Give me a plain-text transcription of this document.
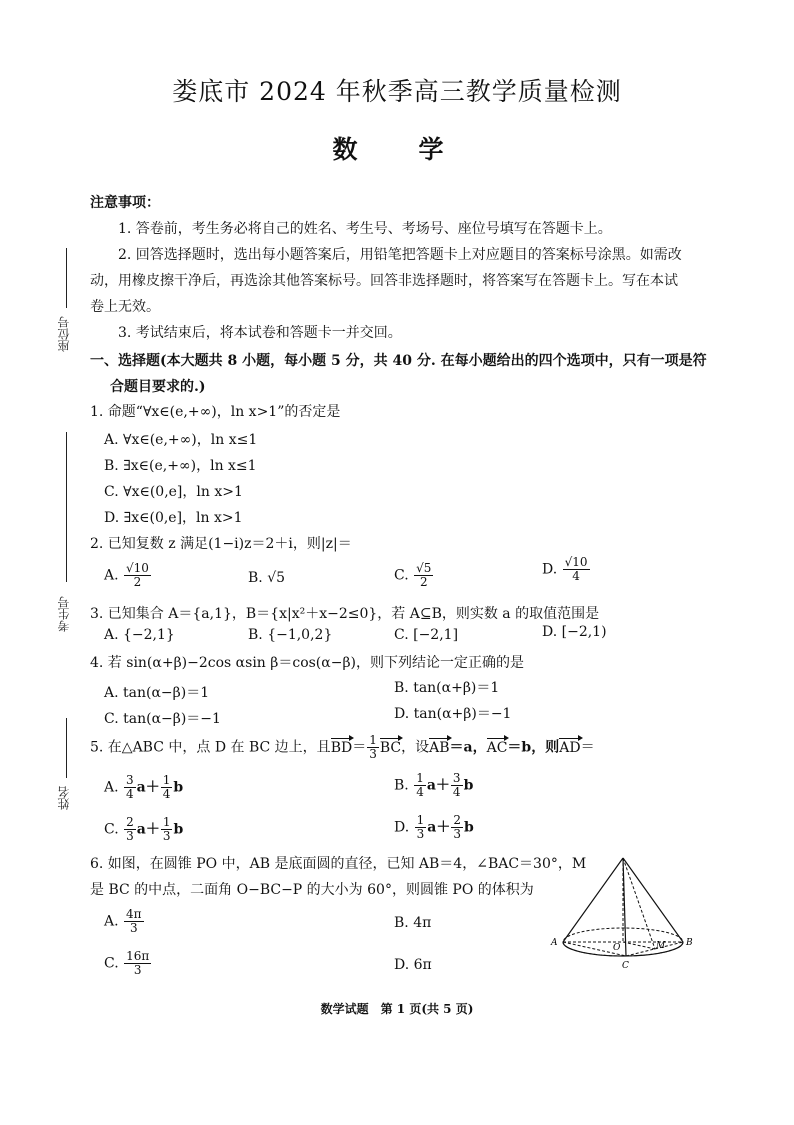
娄底市 2024 年秋季高三教学质量检测
数　学
座位号
考生号
姓名

注意事项：

1. 答卷前，考生务必将自己的姓名、考生号、考场号、座位号填写在答题卡上。

2. 回答选择题时，选出每小题答案后，用铅笔把答题卡上对应题目的答案标号涂黑。如需改

动，用橡皮擦干净后，再选涂其他答案标号。回答非选择题时，将答案写在答题卡上。写在本试

卷上无效。

3. 考试结束后，将本试卷和答题卡一并交回。

一、选择题(本大题共 8 小题，每小题 5 分，共 40 分. 在每小题给出的四个选项中，只有一项是符
合题目要求的.)
1. 命题“∀x∈(e,+∞)，ln x>1”的否定是
A. ∀x∈(e,+∞)，ln x≤1
B. ∃x∈(e,+∞)，ln x≤1
C. ∀x∈(0,e]，ln x>1
D. ∃x∈(0,e]，ln x>1
2. 已知复数 z 满足(1−i)z＝2＋i，则|z|＝
A. $\frac{√10}{2}$	B. √5	C. $\frac{√5}{2}$	D. $\frac{√10}{4}$
3. 已知集合 A＝{a,1}，B＝{x|x²＋x−2≤0}，若 A⊆B，则实数 a 的取值范围是
A. {−2,1}	B. {−1,0,2}	C. [−2,1]	D. [−2,1)
4. 若 sin(α+β)−2cos αsin β＝cos(α−β)，则下列结论一定正确的是
A. tan(α−β)＝1	B. tan(α+β)＝1
C. tan(α−β)＝−1	D. tan(α+β)＝−1
5. 在△ABC 中，点 D 在 BC 边上，且$BD= \frac{1}{3}$ BC，设AB＝a，AC＝b，则AD＝
A. $\frac{3}{4} a+ \frac{1}{4}$ b	B. $\frac{1}{4} a+ \frac{3}{4}$ b
C. $\frac{2}{3} a+ \frac{1}{3}$ b	D. $\frac{1}{3} a+ \frac{2}{3}$ b
6. 如图，在圆锥 PO 中，AB 是底面圆的直径，已知 AB＝4，∠BAC＝30°，M
是 BC 的中点，二面角 O−BC−P 的大小为 60°，则圆锥 PO 的体积为
A. $\frac{4\pi}{3}$	B. 4π
C. $\frac{16\pi}{3}$	D. 6π
A	B
C
O	M
数学试题　第 1 页(共 5 页)
